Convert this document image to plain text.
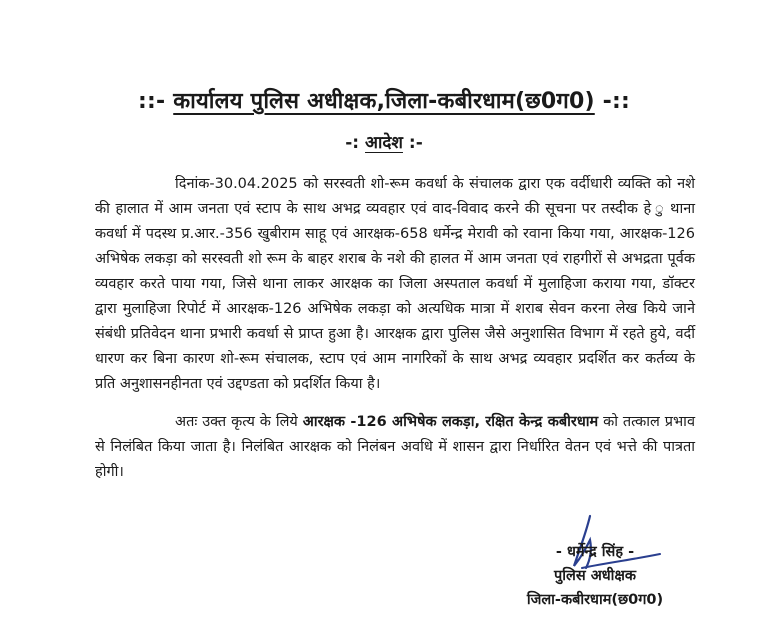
::- कार्यालय पुलिस अधीक्षक,जिला-कबीरधाम(छ0ग0) -::
-: आदेश :-
दिनांक-30.04.2025 को सरस्वती शो-रूम कवर्धा के संचालक द्वारा एक वर्दीधारी व्यक्ति को नशे की हालात में आम जनता एवं स्टाप के साथ अभद्र व्यवहार एवं वाद-विवाद करने की सूचना पर तस्दीक हे ु थाना कवर्धा में पदस्थ प्र.आर.-356 खुबीराम साहू एवं आरक्षक-658 धर्मेन्द्र मेरावी को रवाना किया गया, आरक्षक-126 अभिषेक लकड़ा को सरस्वती शो रूम के बाहर शराब के नशे की हालत में आम जनता एवं राहगीरों से अभद्रता पूर्वक व्यवहार करते पाया गया, जिसे थाना लाकर आरक्षक का जिला अस्पताल कवर्धा में मुलाहिजा कराया गया, डॉक्टर द्वारा मुलाहिजा रिपोर्ट में आरक्षक-126 अभिषेक लकड़ा को अत्यधिक मात्रा में शराब सेवन करना लेख किये जाने संबंधी प्रतिवेदन थाना प्रभारी कवर्धा से प्राप्त हुआ है। आरक्षक द्वारा पुलिस जैसे अनुशासित विभाग में रहते हुये, वर्दी धारण कर बिना कारण शो-रूम संचालक, स्टाप एवं आम नागरिकों के साथ अभद्र व्यवहार प्रदर्शित कर कर्तव्य के प्रति अनुशासनहीनता एवं उद्दण्डता को प्रदर्शित किया है।
अतः उक्त कृत्य के लिये आरक्षक -126 अभिषेक लकड़ा, रक्षित केन्द्र कबीरधाम को तत्काल प्रभाव से निलंबित किया जाता है। निलंबित आरक्षक को निलंबन अवधि में शासन द्वारा निर्धारित वेतन एवं भत्ते की पात्रता होगी।
- धर्मेन्द्र सिंह -
पुलिस अधीक्षक
जिला-कबीरधाम(छ0ग0)
